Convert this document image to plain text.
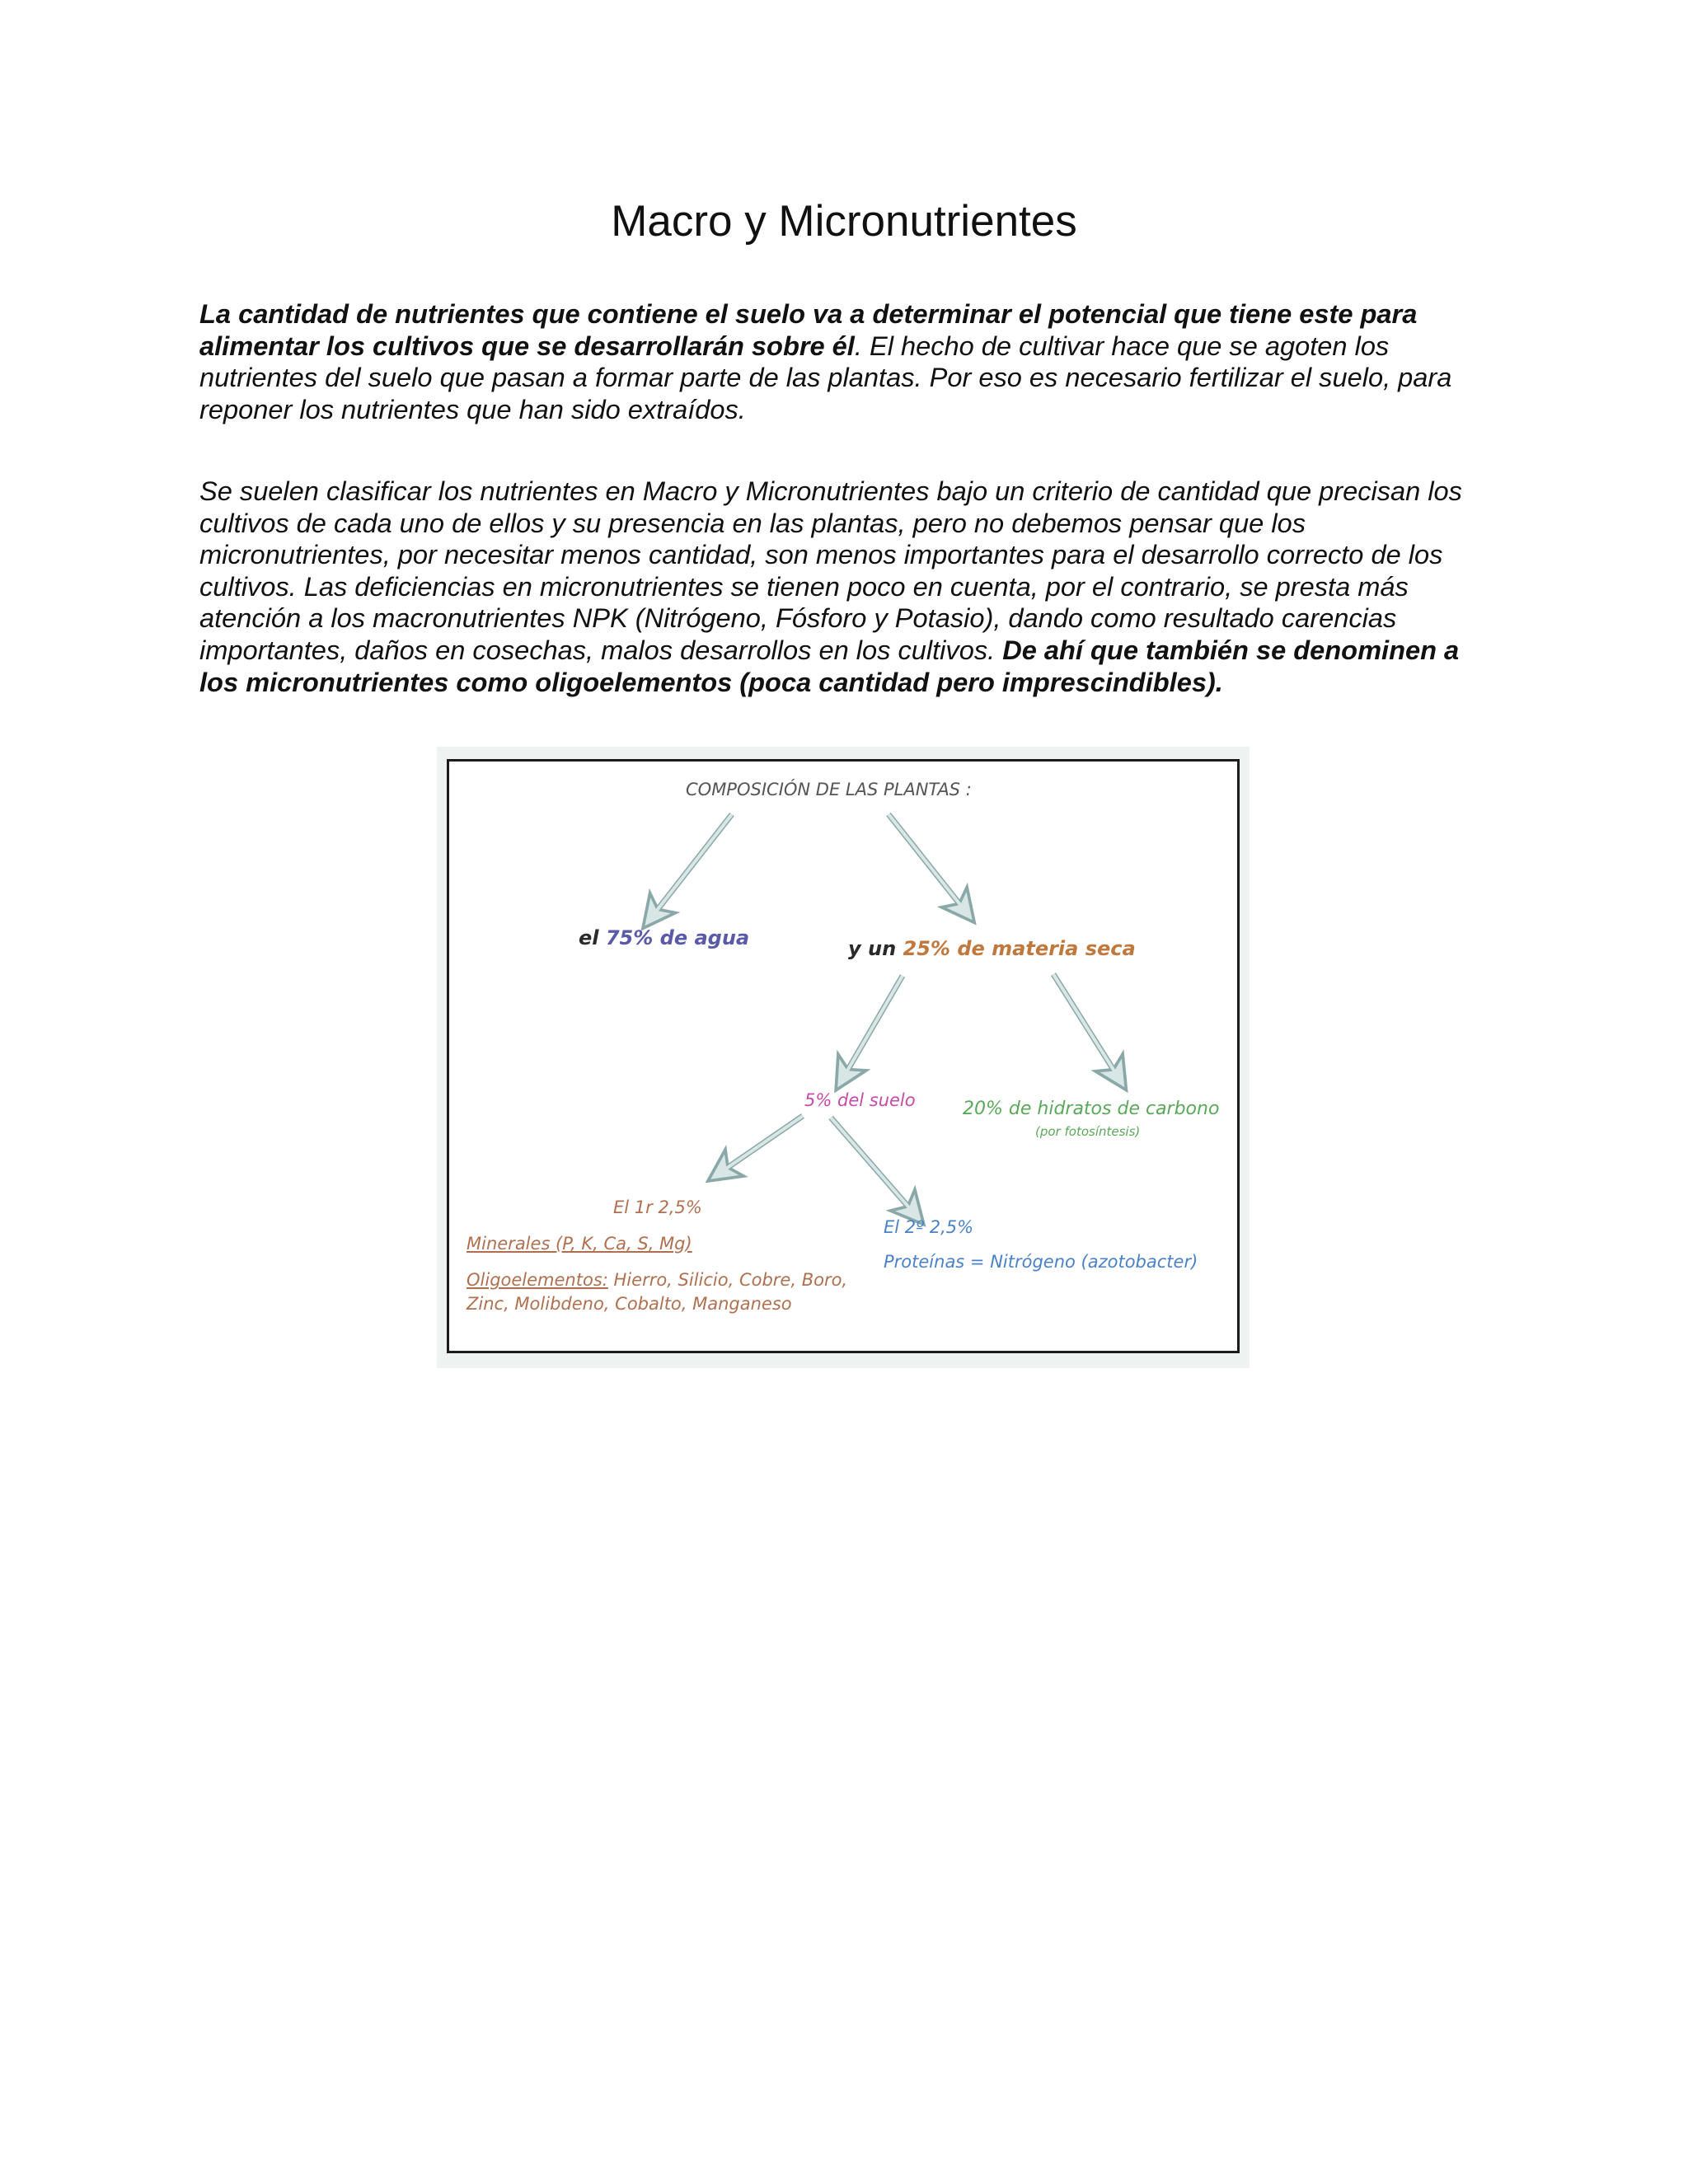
Macro y Micronutrientes

La cantidad de nutrientes que contiene el suelo va a determinar el potencial que tiene este para alimentar los cultivos que se desarrollarán sobre él. El hecho de cultivar hace que se agoten los nutrientes del suelo que pasan a formar parte de las plantas. Por eso es necesario fertilizar el suelo, para reponer los nutrientes que han sido extraídos.

Se suelen clasificar los nutrientes en Macro y Micronutrientes bajo un criterio de cantidad que precisan los cultivos de cada uno de ellos y su presencia en las plantas, pero no debemos pensar que los micronutrientes, por necesitar menos cantidad, son menos importantes para el desarrollo correcto de los cultivos. Las deficiencias en micronutrientes se tienen poco en cuenta, por el contrario, se presta más atención a los macronutrientes NPK (Nitrógeno, Fósforo y Potasio), dando como resultado carencias importantes, daños en cosechas, malos desarrollos en los cultivos. De ahí que también se denominen a los micronutrientes como oligoelementos (poca cantidad pero imprescindibles).

COMPOSICIÓN DE LAS PLANTAS :
el 75% de agua	y un 25% de materia seca
5% del suelo	20% de hidratos de carbono
(por fotosíntesis)
El 1r 2,5%
Minerales (P, K, Ca, S, Mg)
Oligoelementos: Hierro, Silicio, Cobre, Boro,
Zinc, Molibdeno, Cobalto, Manganeso
El 2º 2,5%
Proteínas = Nitrógeno (azotobacter)
